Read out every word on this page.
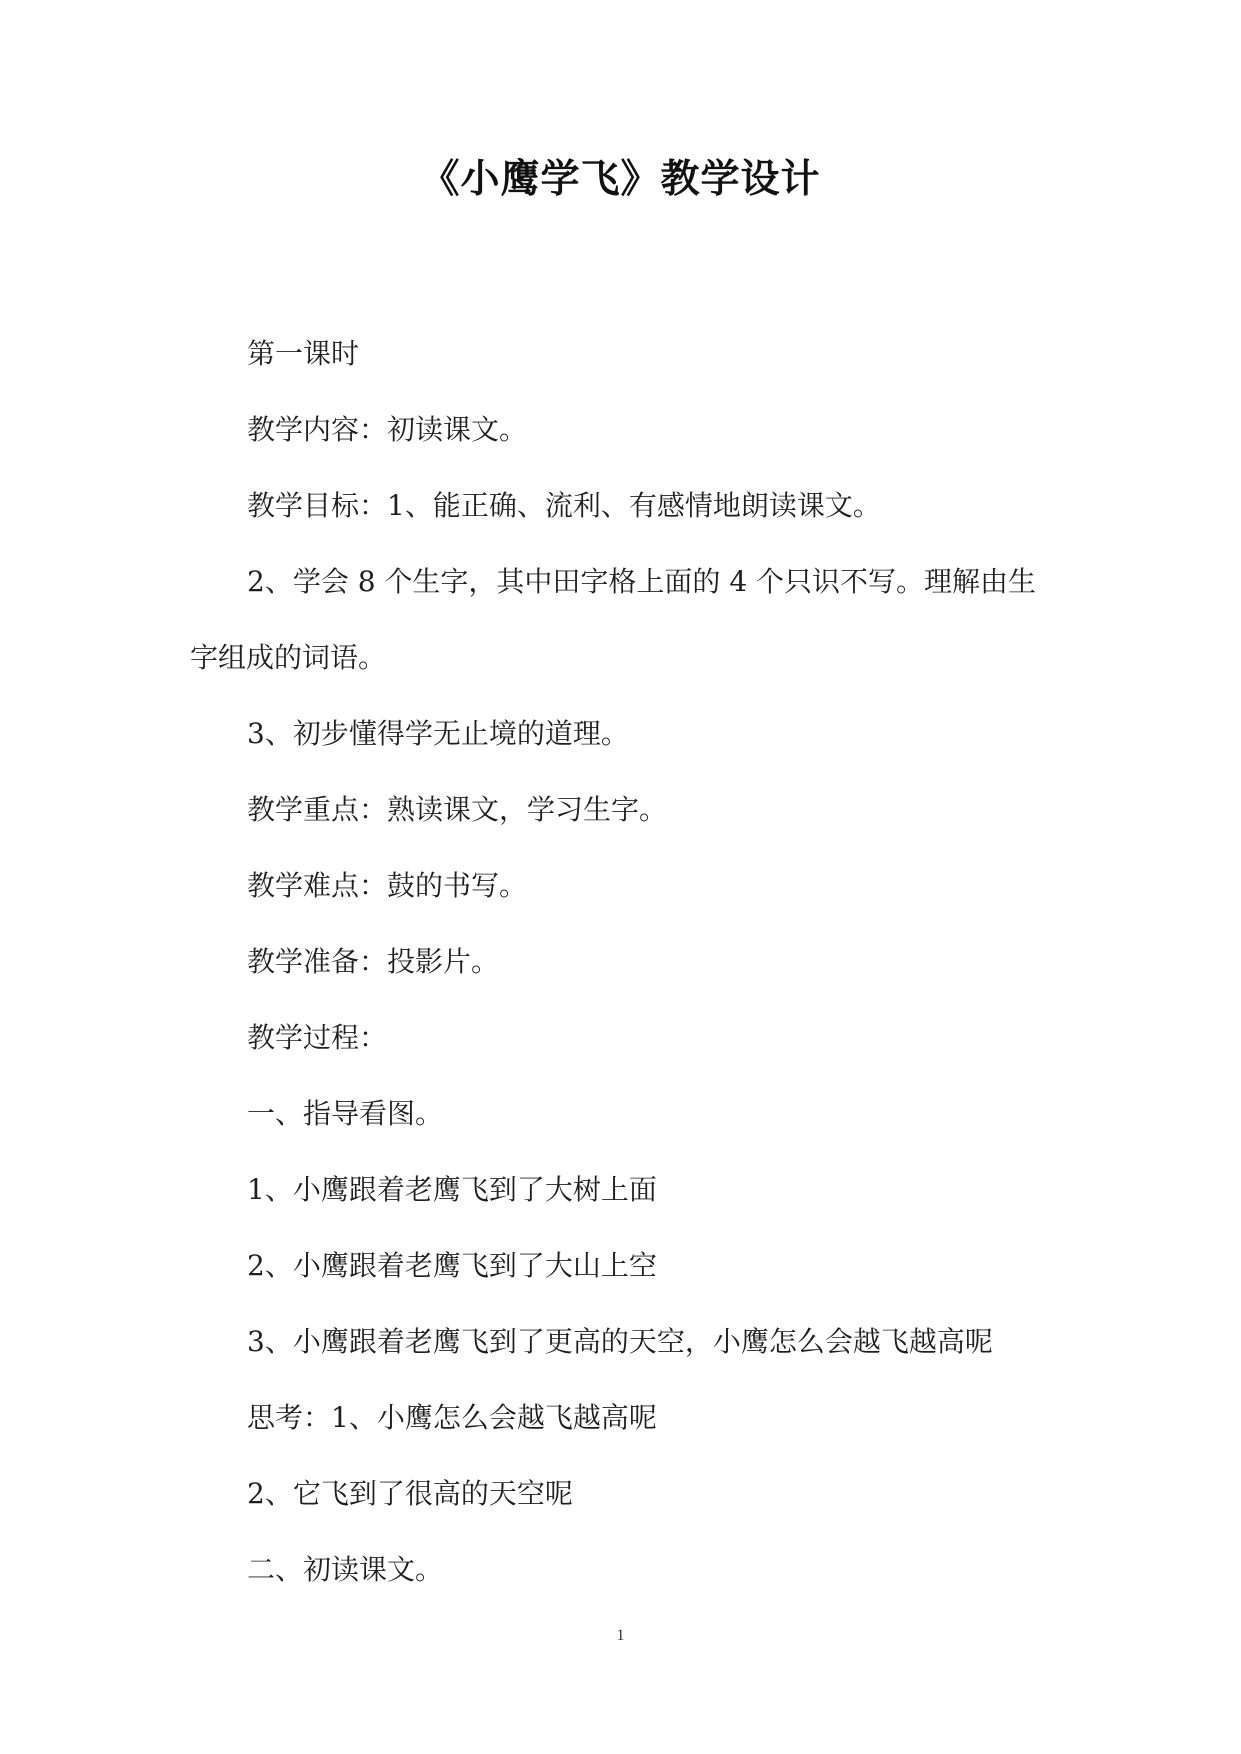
《小鹰学飞》教学设计
第一课时
教学内容：初读课文。
教学目标：1、能正确、流利、有感情地朗读课文。
2、学会 8 个生字，其中田字格上面的 4 个只识不写。理解由生
字组成的词语。
3、初步懂得学无止境的道理。
教学重点：熟读课文，学习生字。
教学难点：鼓的书写。
教学准备：投影片。
教学过程：
一、指导看图。
1、小鹰跟着老鹰飞到了大树上面
2、小鹰跟着老鹰飞到了大山上空
3、小鹰跟着老鹰飞到了更高的天空，小鹰怎么会越飞越高呢
思考：1、小鹰怎么会越飞越高呢
2、它飞到了很高的天空呢
二、初读课文。
1
